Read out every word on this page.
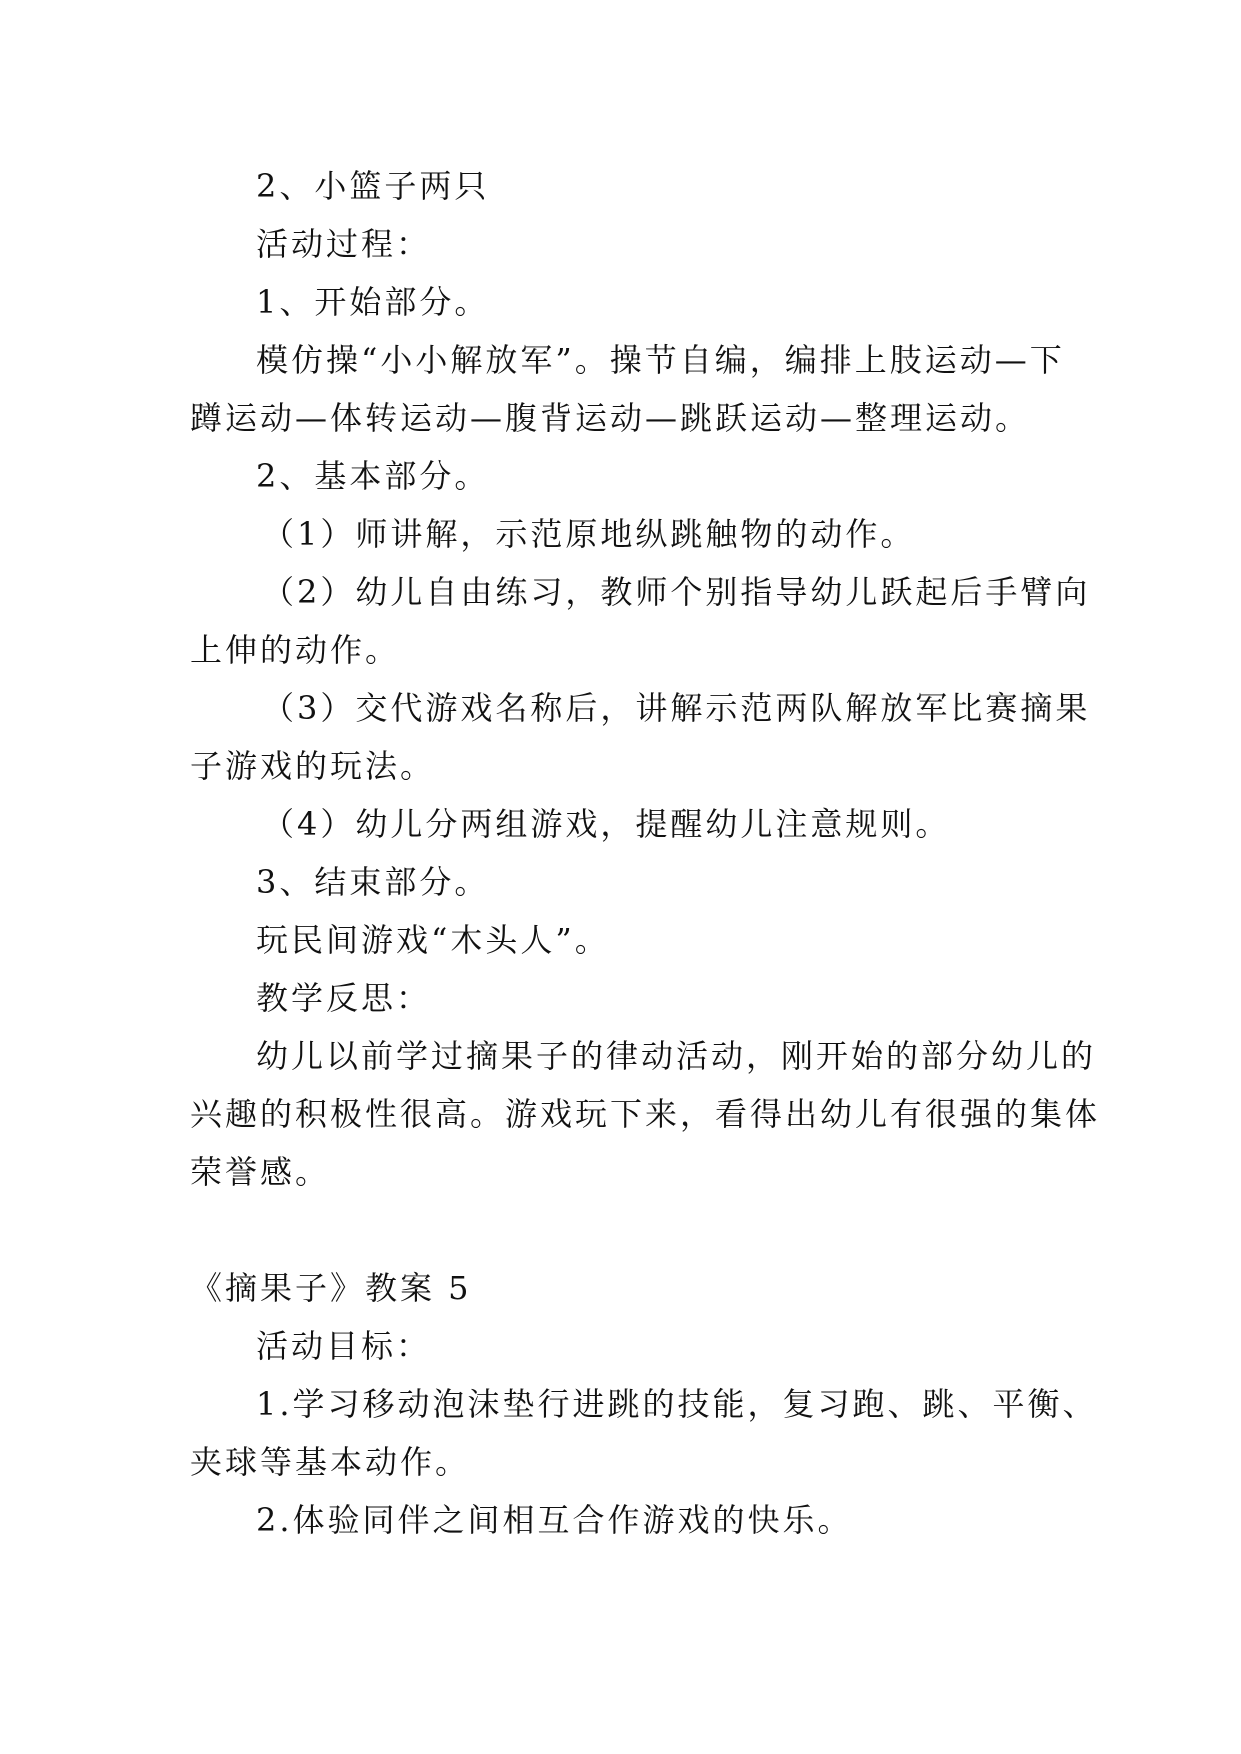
2、小篮子两只
活动过程：
1、开始部分。
模仿操“小小解放军”。操节自编，编排上肢运动—下
蹲运动—体转运动—腹背运动—跳跃运动—整理运动。
2、基本部分。
（1）师讲解，示范原地纵跳触物的动作。
（2）幼儿自由练习，教师个别指导幼儿跃起后手臂向
上伸的动作。
（3）交代游戏名称后，讲解示范两队解放军比赛摘果
子游戏的玩法。
（4）幼儿分两组游戏，提醒幼儿注意规则。
3、结束部分。
玩民间游戏“木头人”。
教学反思：
幼儿以前学过摘果子的律动活动，刚开始的部分幼儿的
兴趣的积极性很高。游戏玩下来，看得出幼儿有很强的集体
荣誉感。
《摘果子》教案 5
活动目标：
1.学习移动泡沫垫行进跳的技能，复习跑、跳、平衡、
夹球等基本动作。
2.体验同伴之间相互合作游戏的快乐。
